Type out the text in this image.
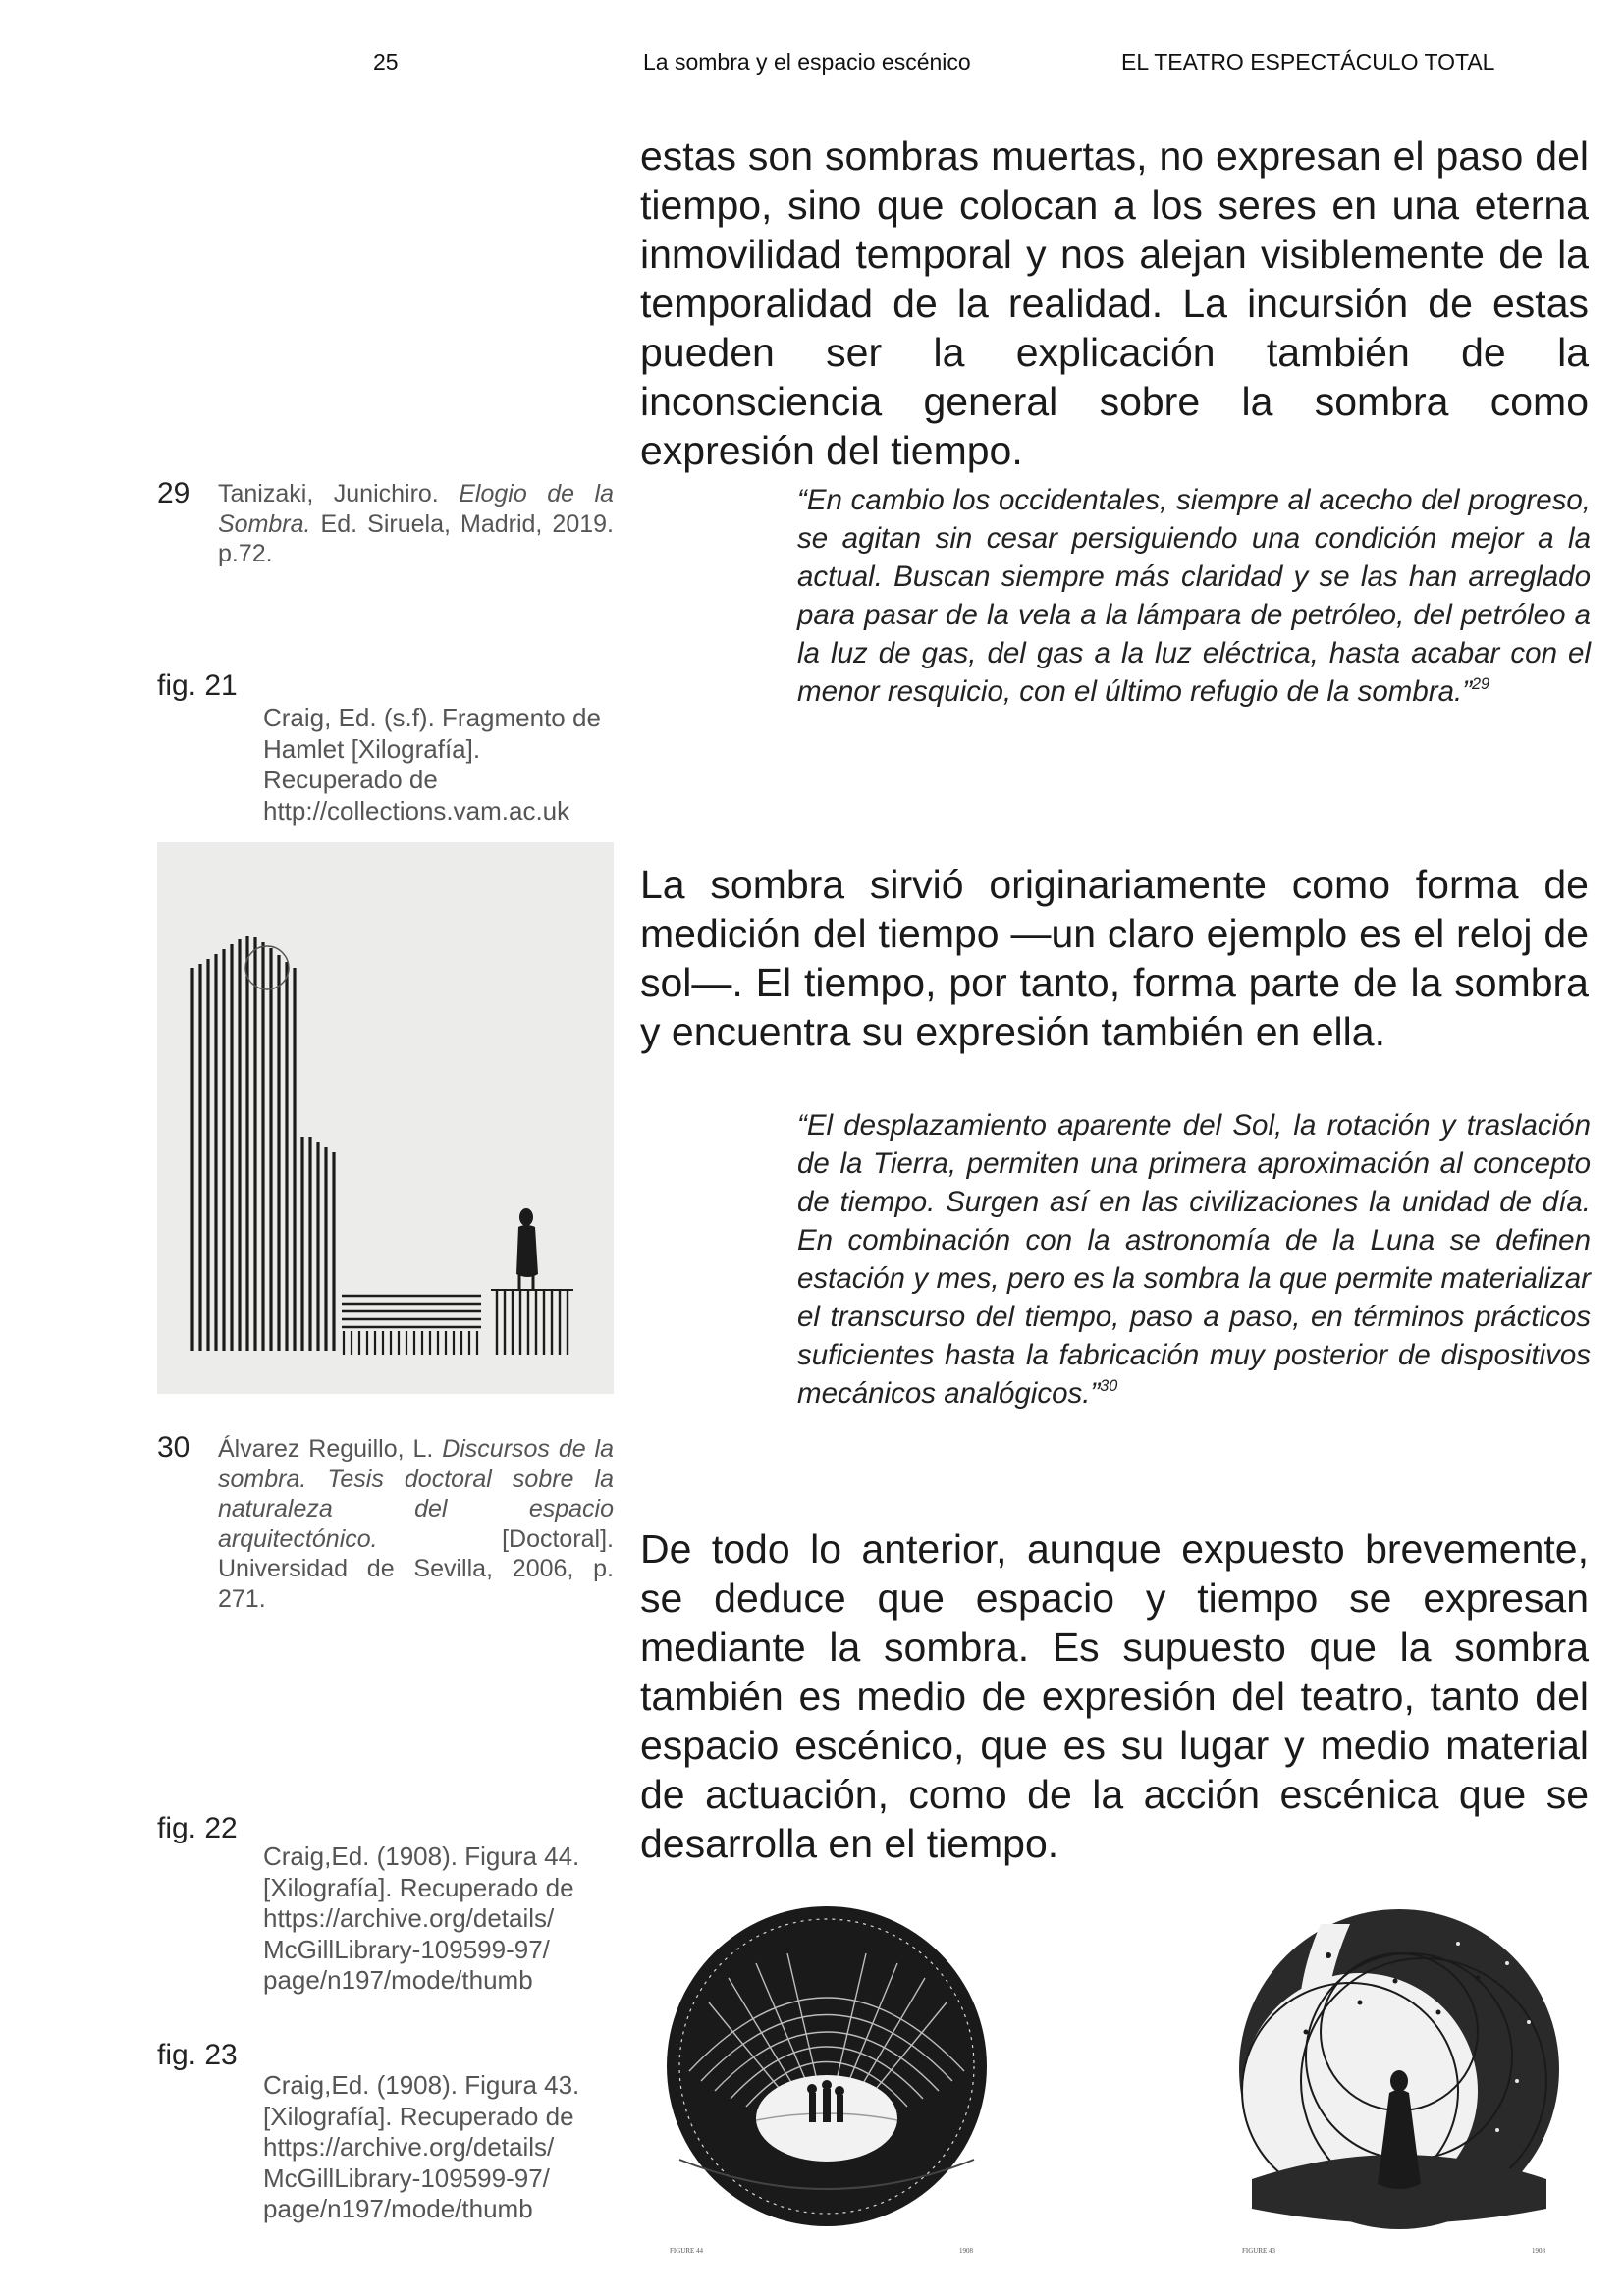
25	La sombra y el espacio escénico	EL TEATRO ESPECTÁCULO TOTAL

estas son sombras muertas, no expresan el paso del tiempo, sino que colocan a los seres en una eterna inmovilidad temporal y nos alejan visiblemente de la temporalidad de la realidad. La incursión de estas pueden ser la explicación también de la inconsciencia general sobre la sombra como expresión del tiempo.

“En cambio los occidentales, siempre al acecho del progreso, se agitan sin cesar persiguiendo una condición mejor a la actual. Buscan siempre más claridad y se las han arreglado para pasar de la vela a la lámpara de petróleo, del petróleo a la luz de gas, del gas a la luz eléctrica, hasta acabar con el menor resquicio, con el último refugio de la sombra.”$^{29}$

La sombra sirvió originariamente como forma de medición del tiempo —un claro ejemplo es el reloj de sol—. El tiempo, por tanto, forma parte de la sombra y encuentra su expresión también en ella.

“El desplazamiento aparente del Sol, la rotación y traslación de la Tierra, permiten una primera aproximación al concepto de tiempo. Surgen así en las civilizaciones la unidad de día. En combinación con la astronomía de la Luna se definen estación y mes, pero es la sombra la que permite materializar el transcurso del tiempo, paso a paso, en términos prácticos suficientes hasta la fabricación muy posterior de dispositivos mecánicos analógicos.”$^{30}$

De todo lo anterior, aunque expuesto brevemente, se deduce que espacio y tiempo se expresan mediante la sombra. Es supuesto que la sombra también es medio de expresión del teatro, tanto del espacio escénico, que es su lugar y medio material de actuación, como de la acción escénica que se desarrolla en el tiempo.

29 Tanizaki, Junichiro. Elogio de la Sombra. Ed. Siruela, Madrid, 2019. p.72.

fig. 21

Craig, Ed. (s.f). Fragmento de Hamlet [Xilografía]. Recuperado de http://collections.vam.ac.uk

30 Álvarez Reguillo, L. Discursos de la sombra. Tesis doctoral sobre la naturaleza del espacio arquitectónico. [Doctoral]. Universidad de Sevilla, 2006, p. 271.

fig. 22

Craig,Ed. (1908). Figura 44. [Xilografía]. Recuperado de https://archive.org/details/ McGillLibrary-109599-97/ page/n197/mode/thumb

fig. 23

Craig,Ed. (1908). Figura 43. [Xilografía]. Recuperado de https://archive.org/details/ McGillLibrary-109599-97/ page/n197/mode/thumb

FIGURE 44	1908	FIGURE 43	1908
